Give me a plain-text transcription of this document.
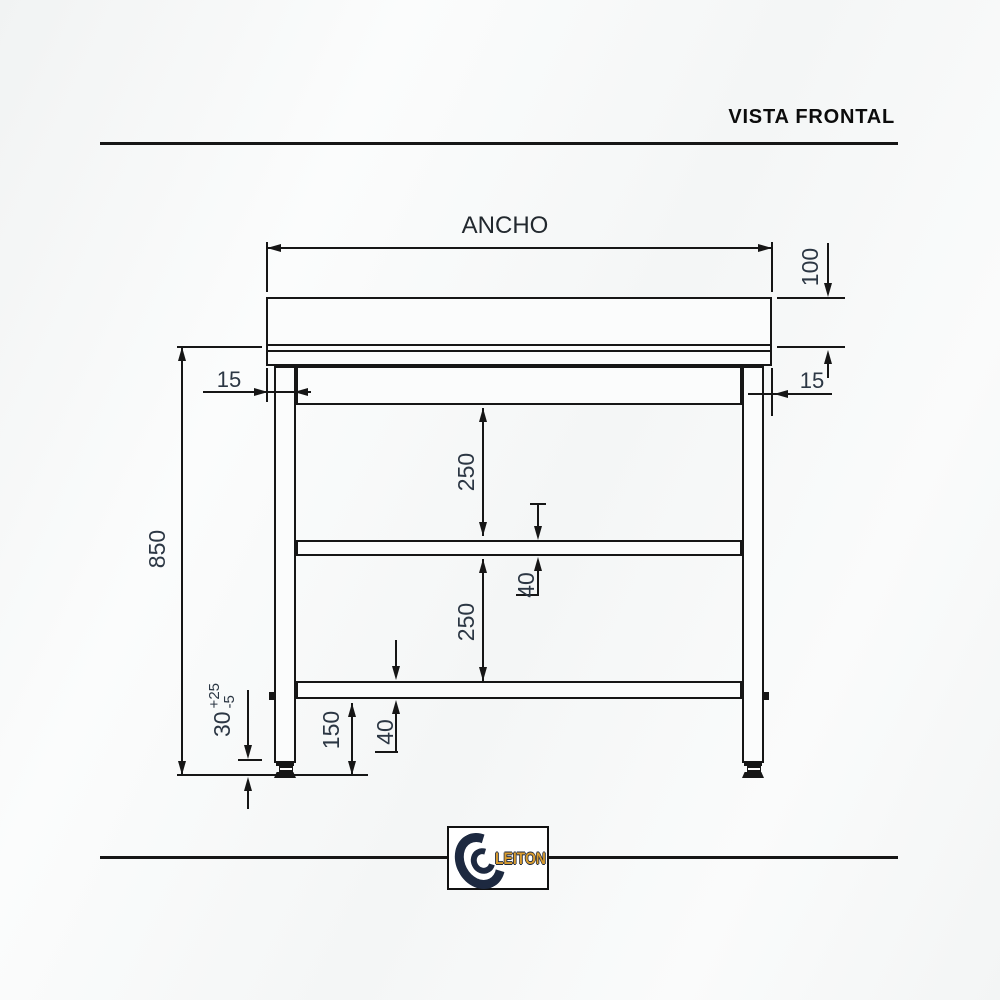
VISTA FRONTAL
ANCHO
100
15	15
850
250
40
250
40
150
30
+25
-5
LEITON
